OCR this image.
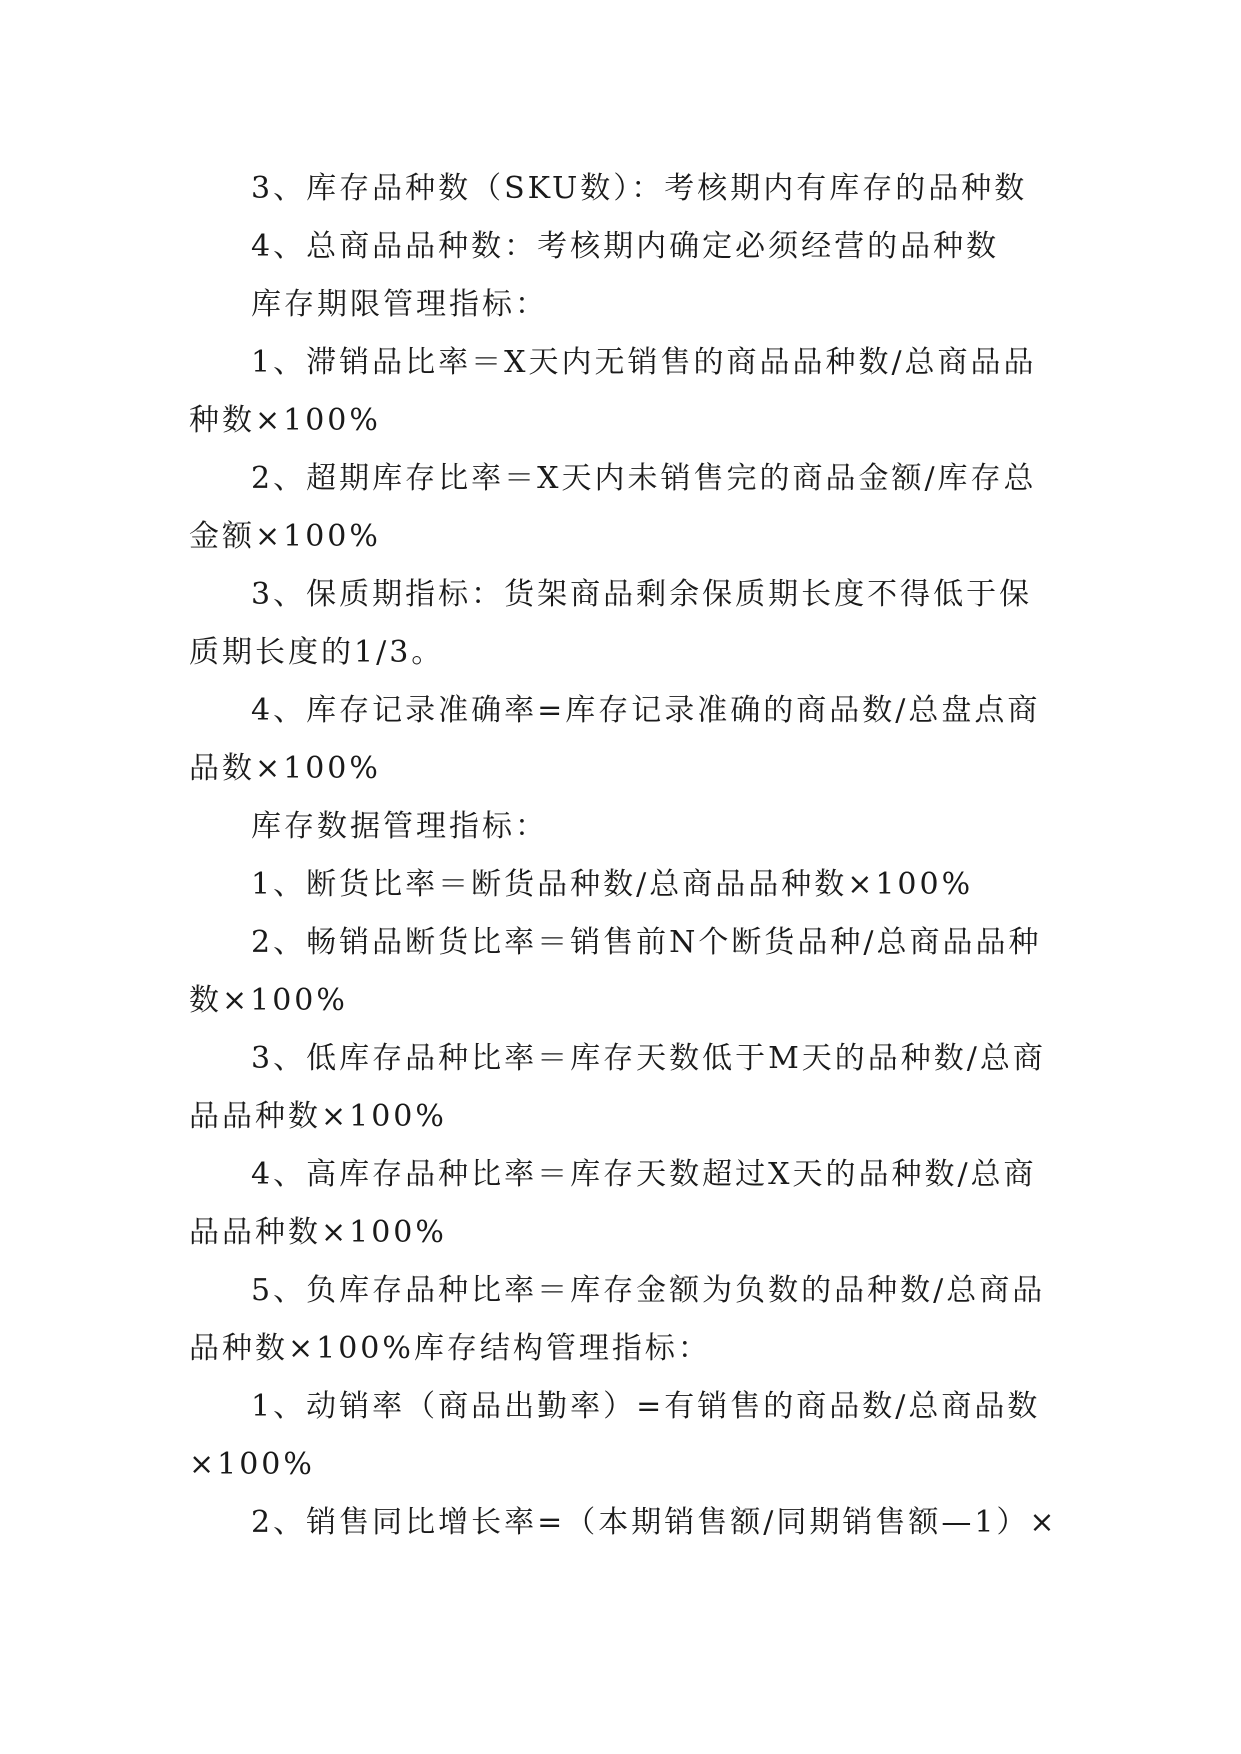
3、库存品种数（SKU数）：考核期内有库存的品种数
4、总商品品种数：考核期内确定必须经营的品种数
库存期限管理指标：
1、滞销品比率＝X天内无销售的商品品种数/总商品品
种数×100%
2、超期库存比率＝X天内未销售完的商品金额/库存总
金额×100%
3、保质期指标：货架商品剩余保质期长度不得低于保
质期长度的1/3。
4、库存记录准确率=库存记录准确的商品数/总盘点商
品数×100%
库存数据管理指标：
1、断货比率＝断货品种数/总商品品种数×100%
2、畅销品断货比率＝销售前N个断货品种/总商品品种
数×100%
3、低库存品种比率＝库存天数低于M天的品种数/总商
品品种数×100%
4、高库存品种比率＝库存天数超过X天的品种数/总商
品品种数×100%
5、负库存品种比率＝库存金额为负数的品种数/总商品
品种数×100%库存结构管理指标：
1、动销率（商品出勤率）=有销售的商品数/总商品数
×100%
2、销售同比增长率=（本期销售额/同期销售额—1）×
